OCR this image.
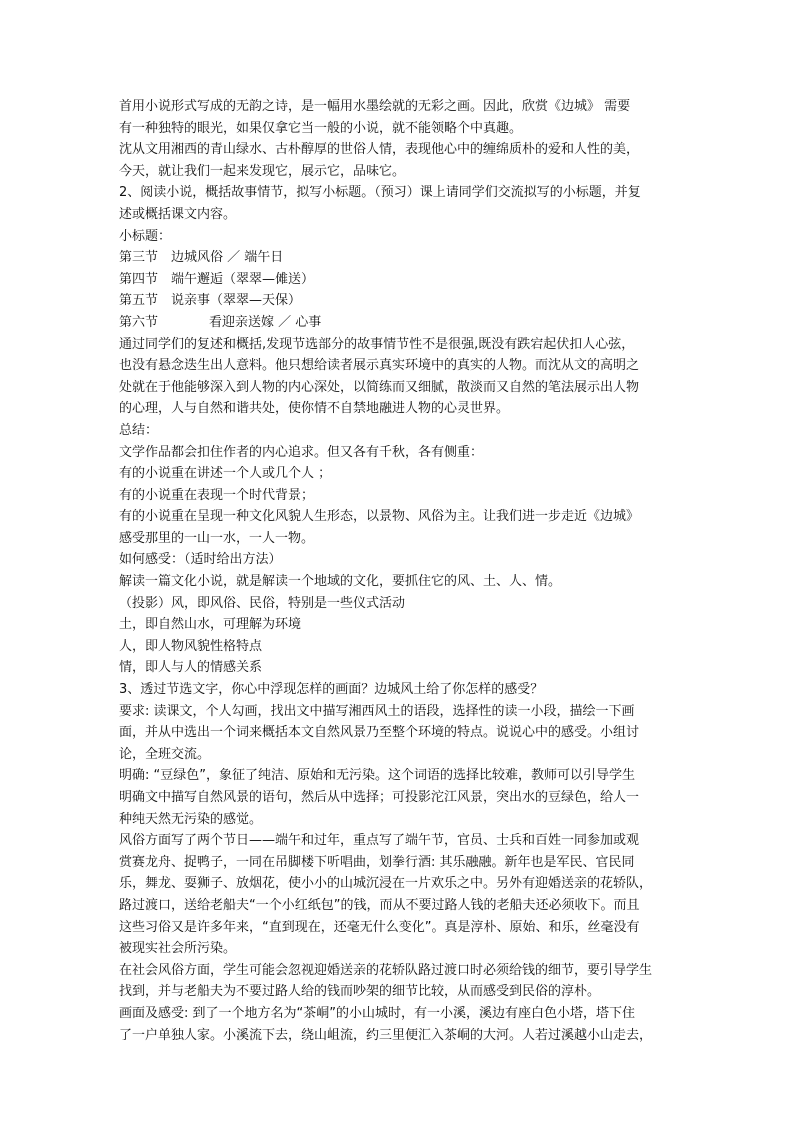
首用小说形式写成的无韵之诗，是一幅用水墨绘就的无彩之画。因此，欣赏《边城》 需要
有一种独特的眼光，如果仅拿它当一般的小说，就不能领略个中真趣。
沈从文用湘西的青山绿水、古朴醇厚的世俗人情，表现他心中的缠绵质朴的爱和人性的美，
今天，就让我们一起来发现它，展示它，品味它。
2、阅读小说，概括故事情节，拟写小标题。（预习）课上请同学们交流拟写的小标题，并复
述或概括课文内容。
小标题：
第三节　边城风俗 ／ 端午日
第四节　端午邂逅（翠翠—傩送）
第五节　说亲事（翠翠—天保）
第六节	看迎亲送嫁 ／ 心事
通过同学们的复述和概括,发现节选部分的故事情节性不是很强,既没有跌宕起伏扣人心弦，
也没有悬念迭生出人意料。他只想给读者展示真实环境中的真实的人物。而沈从文的高明之
处就在于他能够深入到人物的内心深处，以简练而又细腻，散淡而又自然的笔法展示出人物
的心理，人与自然和谐共处，使你情不自禁地融进人物的心灵世界。
总结：
文学作品都会扣住作者的内心追求。但又各有千秋，各有侧重：
有的小说重在讲述一个人或几个人 ；
有的小说重在表现一个时代背景；
有的小说重在呈现一种文化风貌人生形态，以景物、风俗为主。让我们进一步走近《边城》
感受那里的一山一水，一人一物。
如何感受：（适时给出方法）
解读一篇文化小说，就是解读一个地域的文化，要抓住它的风、土、人、情。
（投影）风，即风俗、民俗，特别是一些仪式活动
土，即自然山水，可理解为环境
人，即人物风貌性格特点
情，即人与人的情感关系
3、透过节选文字，你心中浮现怎样的画面？边城风土给了你怎样的感受？
要求: 读课文，个人勾画，找出文中描写湘西风土的语段，选择性的读一小段，描绘一下画
面，并从中选出一个词来概括本文自然风景乃至整个环境的特点。说说心中的感受。小组讨
论，全班交流。
明确: “豆绿色”，象征了纯洁、原始和无污染。这个词语的选择比较难，教师可以引导学生
明确文中描写自然风景的语句，然后从中选择；可投影沱江风景，突出水的豆绿色，给人一
种纯天然无污染的感觉。
风俗方面写了两个节日——端午和过年，重点写了端午节，官员、士兵和百姓一同参加或观
赏赛龙舟、捉鸭子，一同在吊脚楼下听唱曲，划拳行酒: 其乐融融。新年也是军民、官民同
乐，舞龙、耍狮子、放烟花，使小小的山城沉浸在一片欢乐之中。另外有迎婚送亲的花轿队，
路过渡口，送给老船夫“一个小红纸包”的钱，而从不要过路人钱的老船夫还必须收下。而且
这些习俗又是许多年来，“直到现在，还毫无什么变化”。真是淳朴、原始、和乐，丝毫没有
被现实社会所污染。
在社会风俗方面，学生可能会忽视迎婚送亲的花轿队路过渡口时必须给钱的细节，要引导学生
找到，并与老船夫为不要过路人给的钱而吵架的细节比较，从而感受到民俗的淳朴。
画面及感受: 到了一个地方名为“茶峒”的小山城时，有一小溪，溪边有座白色小塔，塔下住
了一户单独人家。小溪流下去，绕山岨流，约三里便汇入茶峒的大河。人若过溪越小山走去，
